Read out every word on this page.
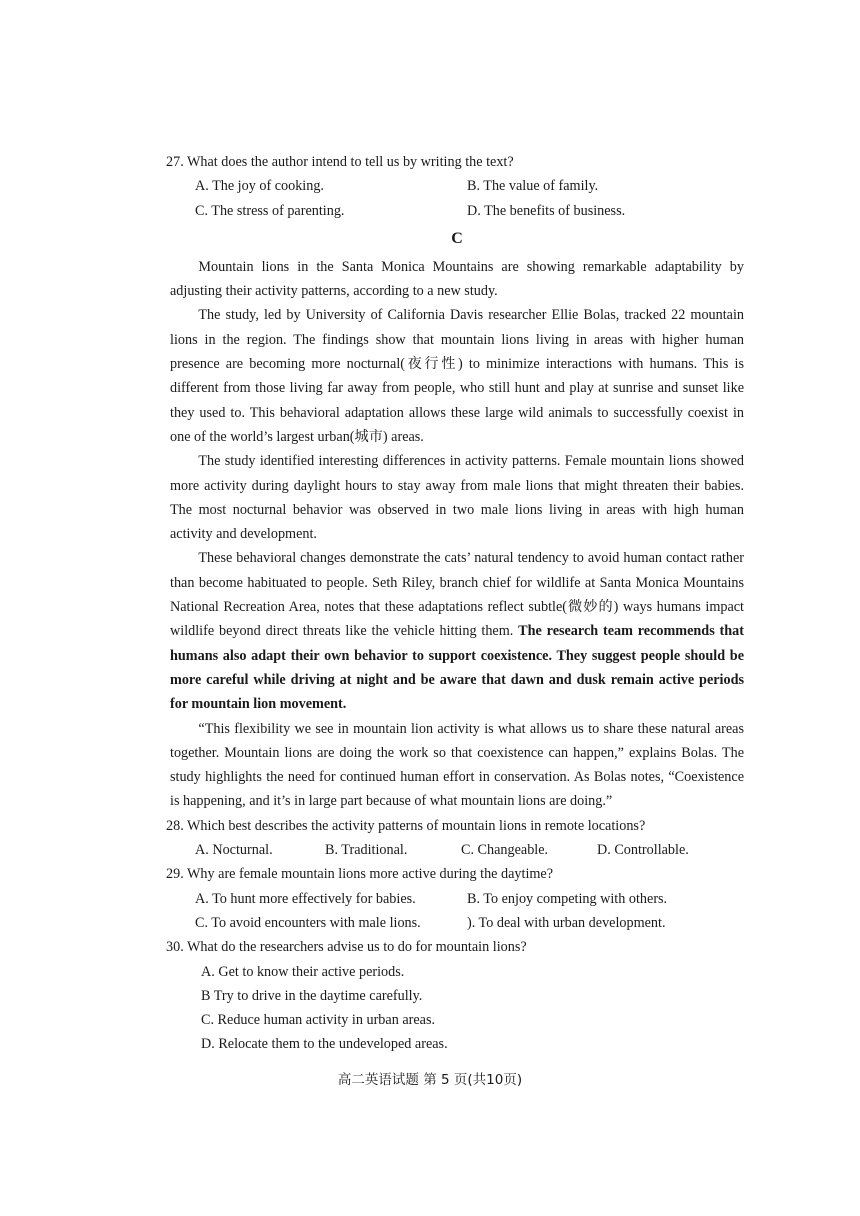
27. What does the author intend to tell us by writing the text?
A. The joy of cooking.	B. The value of family.
C. The stress of parenting.	D. The benefits of business.
C

Mountain lions in the Santa Monica Mountains are showing remarkable adaptability by adjusting their activity patterns, according to a new study.

The study, led by University of California Davis researcher Ellie Bolas, tracked 22 mountain lions in the region. The findings show that mountain lions living in areas with higher human presence are becoming more nocturnal(夜行性) to minimize interactions with humans. This is different from those living far away from people, who still hunt and play at sunrise and sunset like they used to. This behavioral adaptation allows these large wild animals to successfully coexist in one of the world’s largest urban(城市) areas.

The study identified interesting differences in activity patterns. Female mountain lions showed more activity during daylight hours to stay away from male lions that might threaten their babies. The most nocturnal behavior was observed in two male lions living in areas with high human activity and development.

These behavioral changes demonstrate the cats’ natural tendency to avoid human contact rather than become habituated to people. Seth Riley, branch chief for wildlife at Santa Monica Mountains National Recreation Area, notes that these adaptations reflect subtle(微妙的) ways humans impact wildlife beyond direct threats like the vehicle hitting them. The research team recommends that humans also adapt their own behavior to support coexistence. They suggest people should be more careful while driving at night and be aware that dawn and dusk remain active periods for mountain lion movement.

“This flexibility we see in mountain lion activity is what allows us to share these natural areas together. Mountain lions are doing the work so that coexistence can happen,” explains Bolas. The study highlights the need for continued human effort in conservation. As Bolas notes, “Coexistence is happening, and it’s in large part because of what mountain lions are doing.”

28. Which best describes the activity patterns of mountain lions in remote locations?
A. Nocturnal.	B. Traditional.	C. Changeable.	D. Controllable.
29. Why are female mountain lions more active during the daytime?
A. To hunt more effectively for babies.	B. To enjoy competing with others.
C. To avoid encounters with male lions.	). To deal with urban development.
30. What do the researchers advise us to do for mountain lions?
A. Get to know their active periods.
B Try to drive in the daytime carefully.
C. Reduce human activity in urban areas.
D. Relocate them to the undeveloped areas.
高二英语试题 第 5 页(共10页)
